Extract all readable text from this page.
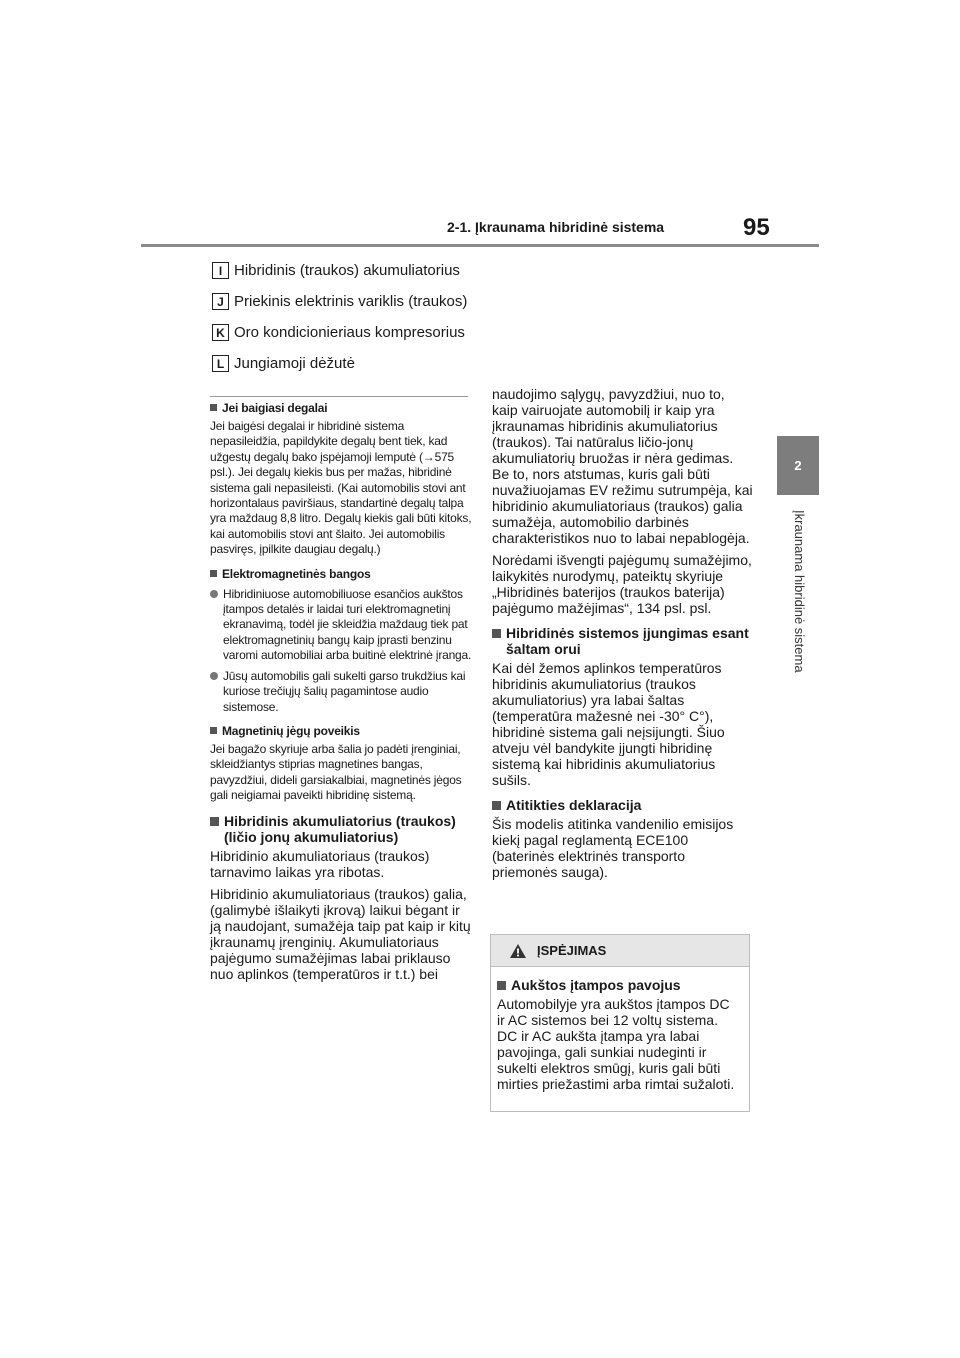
2-1. Įkraunama hibridinė sistema	95
2
Įkraunama hibridinė sistema
I Hibridinis (traukos) akumuliatorius
J Priekinis elektrinis variklis (traukos)
K Oro kondicionieriaus kompresorius
L Jungiamoji dėžutė
Jei baigiasi degalai

Jei baigėsi degalai ir hibridinė sistema nepasileidžia, papildykite degalų bent tiek, kad užgestų degalų bako įspėjamoji lemputė (→575 psl.). Jei degalų kiekis bus per mažas, hibridinė sistema gali nepasileisti. (Kai automobilis stovi ant horizontalaus paviršiaus, standartinė degalų talpa yra maždaug 8,8 litro. Degalų kiekis gali būti kitoks, kai automobilis stovi ant šlaito. Jei automobilis pasviręs, įpilkite daugiau degalų.)

Elektromagnetinės bangos

Hibridiniuose automobiliuose esančios aukštos įtampos detalės ir laidai turi elektromagnetinį ekranavimą, todėl jie skleidžia maždaug tiek pat elektromagnetinių bangų kaip įprasti benzinu varomi automobiliai arba buitinė elektrinė įranga.

Jūsų automobilis gali sukelti garso trukdžius kai kuriose trečiųjų šalių pagamintose audio sistemose.

Magnetinių jėgų poveikis

Jei bagažo skyriuje arba šalia jo padėti įrenginiai, skleidžiantys stiprias magnetines bangas, pavyzdžiui, dideli garsiakalbiai, magnetinės jėgos gali neigiamai paveikti hibridinę sistemą.

Hibridinis akumuliatorius (traukos) (ličio jonų akumuliatorius)

Hibridinio akumuliatoriaus (traukos) tarnavimo laikas yra ribotas.

Hibridinio akumuliatoriaus (traukos) galia, (galimybė išlaikyti įkrovą) laikui bėgant ir ją naudojant, sumažėja taip pat kaip ir kitų įkraunamų įrenginių. Akumuliatoriaus pajėgumo sumažėjimas labai priklauso nuo aplinkos (temperatūros ir t.t.) bei

naudojimo sąlygų, pavyzdžiui, nuo to, kaip vairuojate automobilį ir kaip yra įkraunamas hibridinis akumuliatorius (traukos). Tai natūralus ličio-jonų akumuliatorių bruožas ir nėra gedimas. Be to, nors atstumas, kuris gali būti nuvažiuojamas EV režimu sutrumpėja, kai hibridinio akumuliatoriaus (traukos) galia sumažėja, automobilio darbinės charakteristikos nuo to labai nepablogėja.

Norėdami išvengti pajėgumų sumažėjimo, laikykitės nurodymų, pateiktų skyriuje „Hibridinės baterijos (traukos baterija) pajėgumo mažėjimas“, 134 psl. psl.

Hibridinės sistemos įjungimas esant šaltam orui

Kai dėl žemos aplinkos temperatūros hibridinis akumuliatorius (traukos akumuliatorius) yra labai šaltas (temperatūra mažesnė nei -30° C°), hibridinė sistema gali neįsijungti. Šiuo atveju vėl bandykite įjungti hibridinę sistemą kai hibridinis akumuliatorius sušils.

Atitikties deklaracija

Šis modelis atitinka vandenilio emisijos kiekį pagal reglamentą ECE100 (baterinės elektrinės transporto priemonės sauga).

ĮSPĖJIMAS
Aukštos įtampos pavojus

Automobilyje yra aukštos įtampos DC ir AC sistemos bei 12 voltų sistema. DC ir AC aukšta įtampa yra labai pavojinga, gali sunkiai nudeginti ir sukelti elektros smūgį, kuris gali būti mirties priežastimi arba rimtai sužaloti.
